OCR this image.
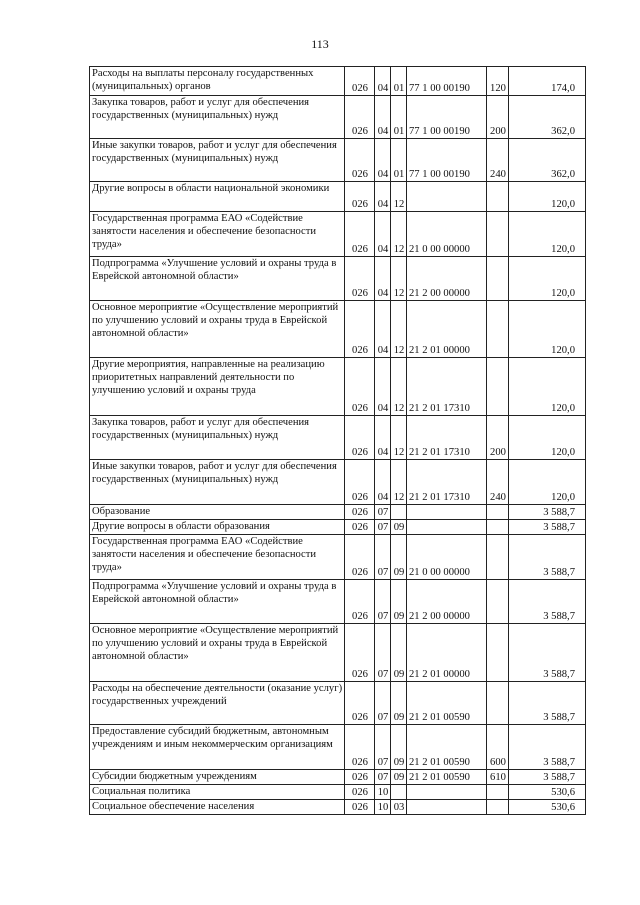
113
Расходы на выплаты персоналу государственных (муниципальных) органов	026	04	01	77 1 00 00190	120	174,0
Закупка товаров, работ и услуг для обеспечения государственных (муниципальных) нужд	026	04	01	77 1 00 00190	200	362,0
Иные закупки товаров, работ и услуг для обеспечения государственных (муниципальных) нужд	026	04	01	77 1 00 00190	240	362,0
Другие вопросы в области национальной экономики	026	04	12			120,0
Государственная программа ЕАО «Содействие занятости населения и обеспечение безопасности труда»	026	04	12	21 0 00 00000		120,0
Подпрограмма «Улучшение условий и охраны труда в Еврейской автономной области»	026	04	12	21 2 00 00000		120,0
Основное мероприятие «Осуществление мероприятий по улучшению условий и охраны труда в Еврейской автономной области»	026	04	12	21 2 01 00000		120,0
Другие мероприятия, направленные на реализацию приоритетных направлений деятельности по улучшению условий и охраны труда	026	04	12	21 2 01 17310		120,0
Закупка товаров, работ и услуг для обеспечения государственных (муниципальных) нужд	026	04	12	21 2 01 17310	200	120,0
Иные закупки товаров, работ и услуг для обеспечения государственных (муниципальных) нужд	026	04	12	21 2 01 17310	240	120,0
Образование	026	07				3 588,7
Другие вопросы в области образования	026	07	09			3 588,7
Государственная программа ЕАО «Содействие занятости населения и обеспечение безопасности труда»	026	07	09	21 0 00 00000		3 588,7
Подпрограмма «Улучшение условий и охраны труда в Еврейской автономной области»	026	07	09	21 2 00 00000		3 588,7
Основное мероприятие «Осуществление мероприятий по улучшению условий и охраны труда в Еврейской автономной области»	026	07	09	21 2 01 00000		3 588,7
Расходы на обеспечение деятельности (оказание услуг) государственных учреждений	026	07	09	21 2 01 00590		3 588,7
Предоставление субсидий бюджетным, автономным учреждениям и иным некоммерческим организациям	026	07	09	21 2 01 00590	600	3 588,7
Субсидии бюджетным учреждениям	026	07	09	21 2 01 00590	610	3 588,7
Социальная политика	026	10				530,6
Социальное обеспечение населения	026	10	03			530,6
